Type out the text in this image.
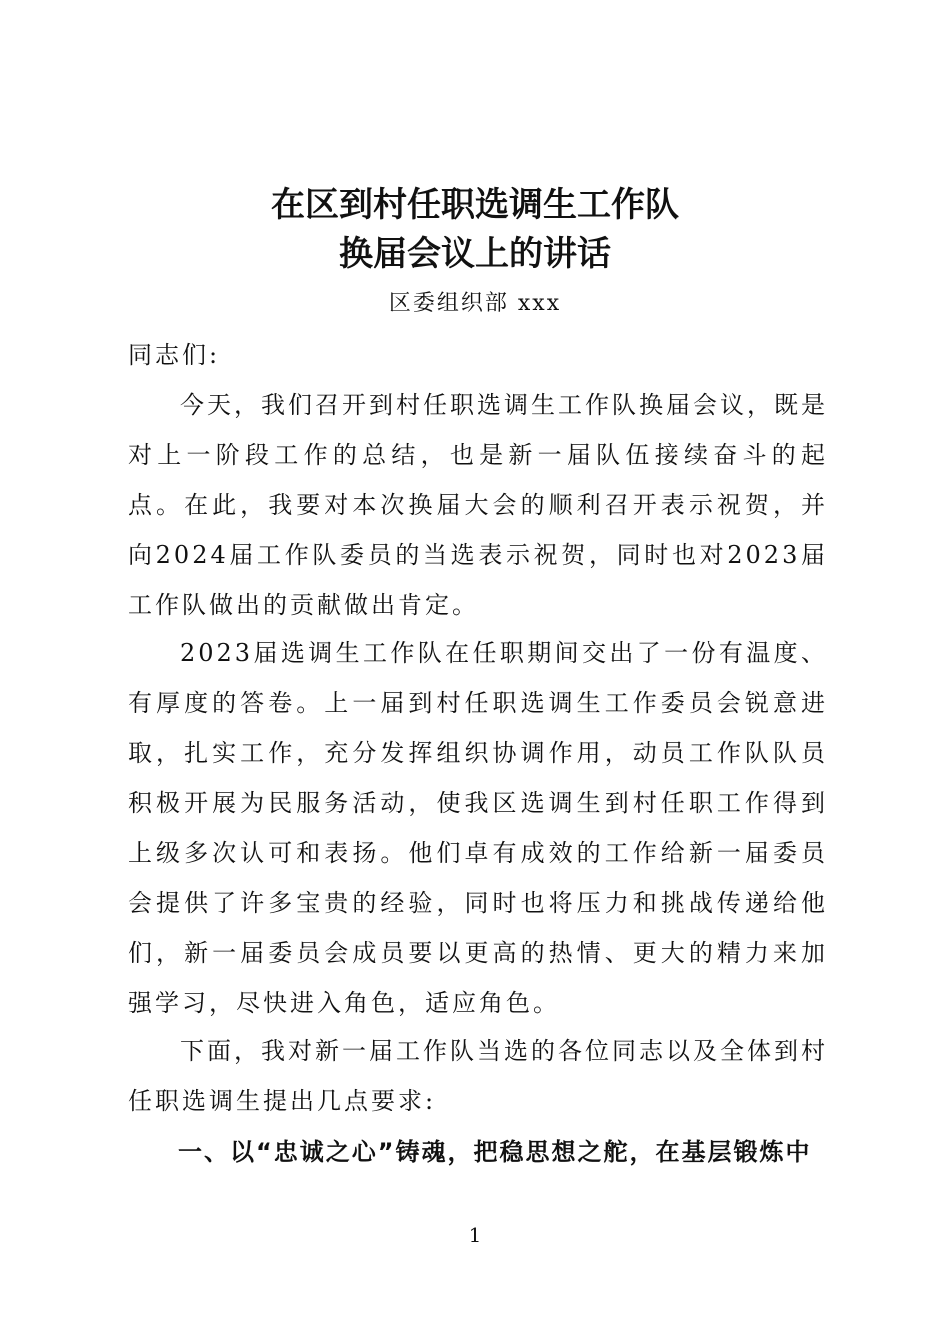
在区到村任职选调生工作队
换届会议上的讲话
区委组织部 xxx

同志们:

今天，我们召开到村任职选调生工作队换届会议，既是对上一阶段工作的总结，也是新一届队伍接续奋斗的起点。在此，我要对本次换届大会的顺利召开表示祝贺，并向2024届工作队委员的当选表示祝贺，同时也对2023届工作队做出的贡献做出肯定。

2023届选调生工作队在任职期间交出了一份有温度、有厚度的答卷。上一届到村任职选调生工作委员会锐意进取，扎实工作，充分发挥组织协调作用，动员工作队队员积极开展为民服务活动，使我区选调生到村任职工作得到上级多次认可和表扬。他们卓有成效的工作给新一届委员会提供了许多宝贵的经验，同时也将压力和挑战传递给他们，新一届委员会成员要以更高的热情、更大的精力来加强学习，尽快进入角色，适应角色。

下面，我对新一届工作队当选的各位同志以及全体到村任职选调生提出几点要求:

一、以“忠诚之心”铸魂，把稳思想之舵，在基层锻炼中

1
